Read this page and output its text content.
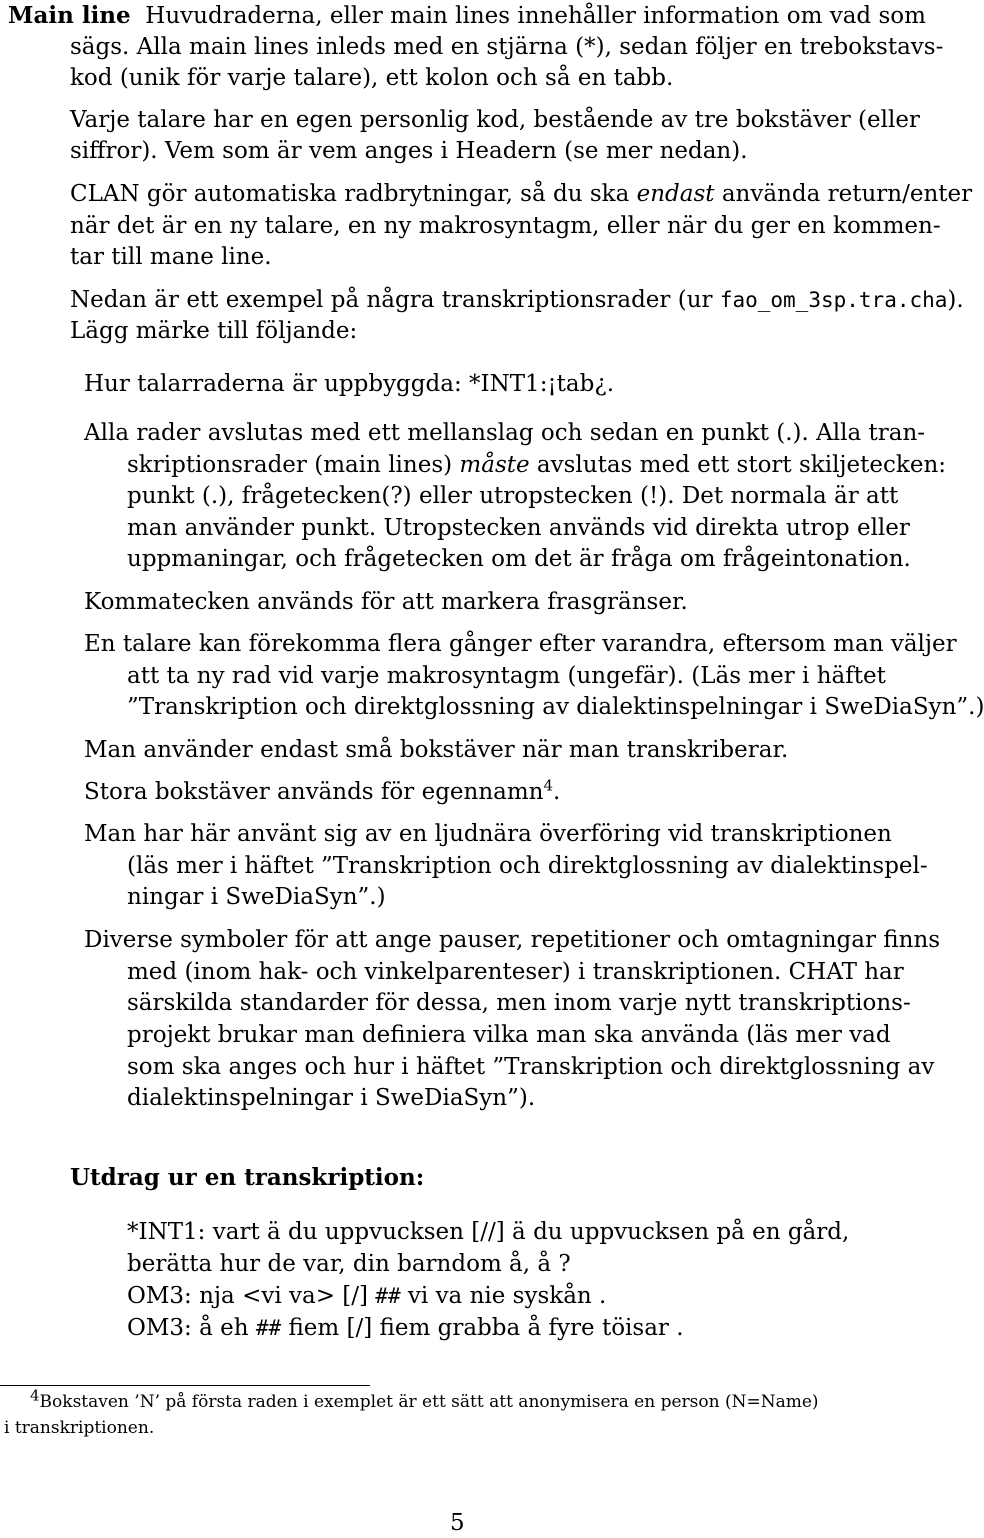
Main line Huvudraderna, eller main lines innehåller information om vad som

sägs. Alla main lines inleds med en stjärna (*), sedan följer en trebokstavs-

kod (unik för varje talare), ett kolon och så en tabb.

Varje talare har en egen personlig kod, bestående av tre bokstäver (eller

siffror). Vem som är vem anges i Headern (se mer nedan).

CLAN gör automatiska radbrytningar, så du ska endast använda return/enter

när det är en ny talare, en ny makrosyntagm, eller när du ger en kommen-

tar till mane line.

Nedan är ett exempel på några transkriptionsrader (ur fao_om_3sp.tra.cha).

Lägg märke till följande:

Hur talarraderna är uppbyggda: *INT1:¡tab¿.

Alla rader avslutas med ett mellanslag och sedan en punkt (.). Alla tran-

skriptionsrader (main lines) måste avslutas med ett stort skiljetecken:

punkt (.), frågetecken(?) eller utropstecken (!). Det normala är att

man använder punkt. Utropstecken används vid direkta utrop eller

uppmaningar, och frågetecken om det är fråga om frågeintonation.

Kommatecken används för att markera frasgränser.

En talare kan förekomma flera gånger efter varandra, eftersom man väljer

att ta ny rad vid varje makrosyntagm (ungefär). (Läs mer i häftet

”Transkription och direktglossning av dialektinspelningar i SweDiaSyn”.)

Man använder endast små bokstäver när man transkriberar.

Stora bokstäver används för egennamn$^4$.

Man har här använt sig av en ljudnära överföring vid transkriptionen

(läs mer i häftet ”Transkription och direktglossning av dialektinspel-

ningar i SweDiaSyn”.)

Diverse symboler för att ange pauser, repetitioner och omtagningar finns

med (inom hak- och vinkelparenteser) i transkriptionen. CHAT har

särskilda standarder för dessa, men inom varje nytt transkriptions-

projekt brukar man definiera vilka man ska använda (läs mer vad

som ska anges och hur i häftet ”Transkription och direktglossning av

dialektinspelningar i SweDiaSyn”).

Utdrag ur en transkription:

*INT1: vart ä du uppvucksen [//] ä du uppvucksen på en gård,

berätta hur de var, din barndom å, å ?

OM3: nja <vi va> [/] ## vi va nie syskån .

OM3: å eh ## fiem [/] fiem grabba å fyre töisar .

$^4$Bokstaven ’N’ på första raden i exemplet är ett sätt att anonymisera en person (N=Name)

i transkriptionen.

5
